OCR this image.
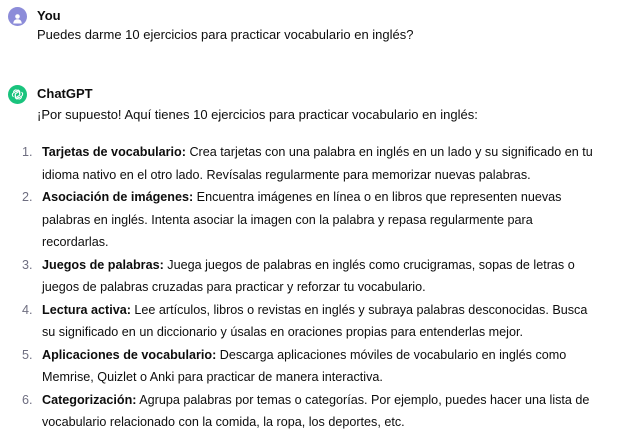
You
Puedes darme 10 ejercicios para practicar vocabulario en inglés?
ChatGPT
¡Por supuesto! Aquí tienes 10 ejercicios para practicar vocabulario en inglés:
1. Tarjetas de vocabulario: Crea tarjetas con una palabra en inglés en un lado y su significado en tu idioma nativo en el otro lado. Revísalas regularmente para memorizar nuevas palabras.
2. Asociación de imágenes: Encuentra imágenes en línea o en libros que representen nuevas palabras en inglés. Intenta asociar la imagen con la palabra y repasa regularmente para recordarlas.
3. Juegos de palabras: Juega juegos de palabras en inglés como crucigramas, sopas de letras o juegos de palabras cruzadas para practicar y reforzar tu vocabulario.
4. Lectura activa: Lee artículos, libros o revistas en inglés y subraya palabras desconocidas. Busca su significado en un diccionario y úsalas en oraciones propias para entenderlas mejor.
5. Aplicaciones de vocabulario: Descarga aplicaciones móviles de vocabulario en inglés como Memrise, Quizlet o Anki para practicar de manera interactiva.
6. Categorización: Agrupa palabras por temas o categorías. Por ejemplo, puedes hacer una lista de vocabulario relacionado con la comida, la ropa, los deportes, etc.
